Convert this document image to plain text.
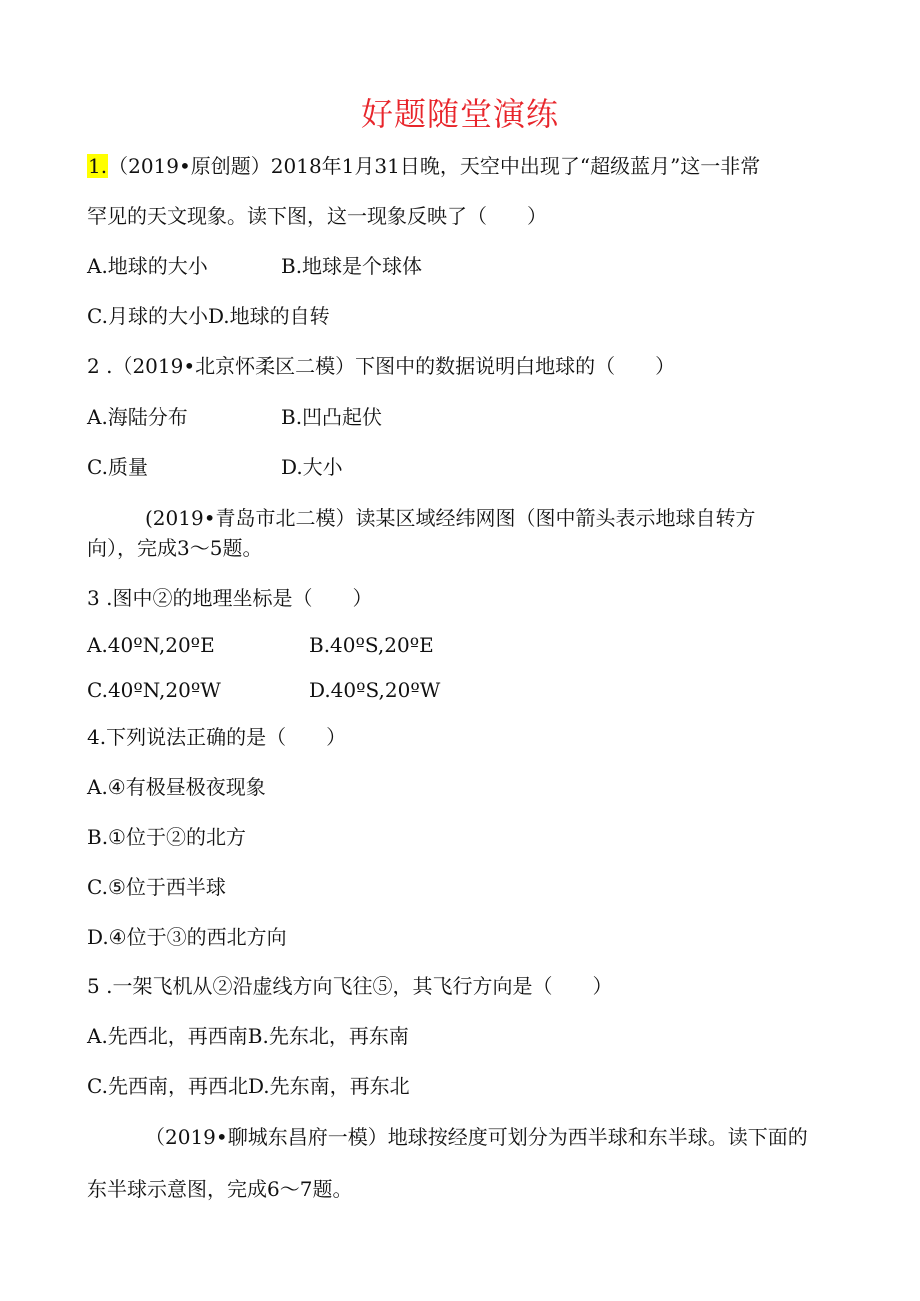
好题随堂演练
1.（2019•原创题）2018年1月31日晚，天空中出现了“超级蓝月”这一非常
罕见的天文现象。读下图，这一现象反映了（　　）
A.地球的大小	B.地球是个球体
C.月球的大小D.地球的自转
2 .（2019•北京怀柔区二模）下图中的数据说明白地球的（　　）
A.海陆分布	B.凹凸起伏
C.质量	D.大小
(2019•青岛市北二模）读某区域经纬网图（图中箭头表示地球自转方
向），完成3～5题。
3 .图中②的地理坐标是（　　）
A.40ºN,20ºE	B.40ºS,20ºE
C.40ºN,20ºW	D.40ºS,20ºW
4.下列说法正确的是（　　）
A.④有极昼极夜现象
B.①位于②的北方
C.⑤位于西半球
D.④位于③的西北方向
5 .一架飞机从②沿虚线方向飞往⑤，其飞行方向是（　　）
A.先西北，再西南B.先东北，再东南
C.先西南，再西北D.先东南，再东北
（2019•聊城东昌府一模）地球按经度可划分为西半球和东半球。读下面的
东半球示意图，完成6～7题。
